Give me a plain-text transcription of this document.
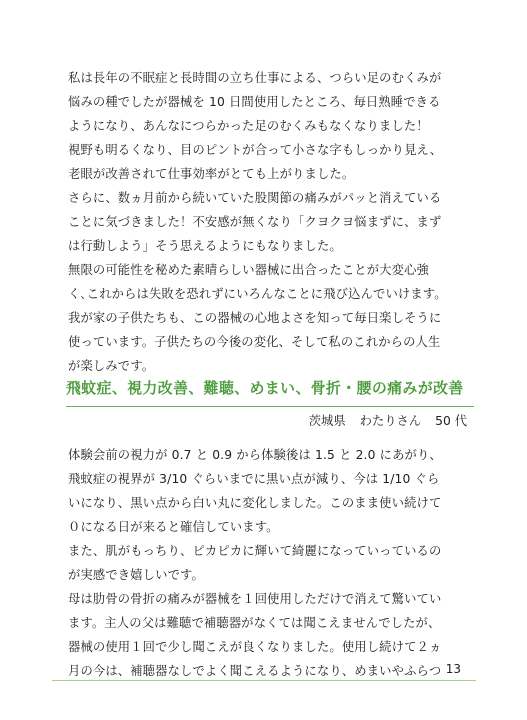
私は長年の不眠症と長時間の立ち仕事による、つらい足のむくみが
悩みの種でしたが器械を 10 日間使用したところ、毎日熟睡できる
ようになり、あんなにつらかった足のむくみもなくなりました！
視野も明るくなり、目のピントが合って小さな字もしっかり見え、
老眼が改善されて仕事効率がとても上がりました。
さらに、数ヵ月前から続いていた股関節の痛みがパッと消えている
ことに気づきました！不安感が無くなり「クヨクヨ悩まずに、まず
は行動しよう」そう思えるようにもなりました。
無限の可能性を秘めた素晴らしい器械に出合ったことが大変心強
く､これからは失敗を恐れずにいろんなことに飛び込んでいけます。
我が家の子供たちも、この器械の心地よさを知って毎日楽しそうに
使っています。子供たちの今後の変化、そして私のこれからの人生
が楽しみです。
飛蚊症、視力改善、難聴、めまい、骨折・腰の痛みが改善
茨城県 わたりさん 50 代
体験会前の視力が 0.7 と 0.9 から体験後は 1.5 と 2.0 にあがり、
飛蚊症の視界が 3/10 ぐらいまでに黒い点が減り、今は 1/10 ぐら
いになり、黒い点から白い丸に変化しました。このまま使い続けて
０になる日が来ると確信しています。
また、肌がもっちり、ピカピカに輝いて綺麗になっていっているの
が実感でき嬉しいです。
母は肋骨の骨折の痛みが器械を１回使用しただけで消えて驚いてい
ます。主人の父は難聴で補聴器がなくては聞こえませんでしたが、
器械の使用１回で少し聞こえが良くなりました。使用し続けて２ヵ
月の今は、補聴器なしでよく聞こえるようになり、めまいやふらつ 13
